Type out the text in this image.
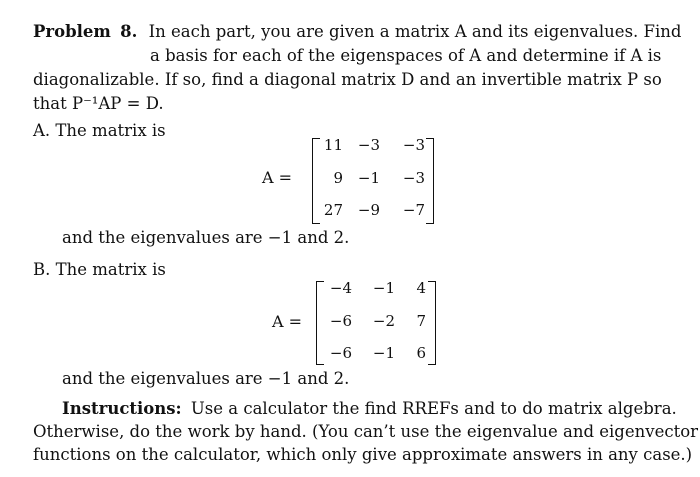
Problem 8. In each part, you are given a matrix A and its eigenvalues. Find
a basis for each of the eigenspaces of A and determine if A is
diagonalizable. If so, find a diagonal matrix D and an invertible matrix P so
that P⁻¹AP = D.
A. The matrix is
A =
11 −3	−3
9 −1	−3
27 −9	−7
and the eigenvalues are −1 and 2.
B. The matrix is
A =
−4	−1	4
−6	−2	7
−6	−1	6
and the eigenvalues are −1 and 2.
Instructions: Use a calculator the find RREFs and to do matrix algebra.
Otherwise, do the work by hand. (You can’t use the eigenvalue and eigenvector
functions on the calculator, which only give approximate answers in any case.)
